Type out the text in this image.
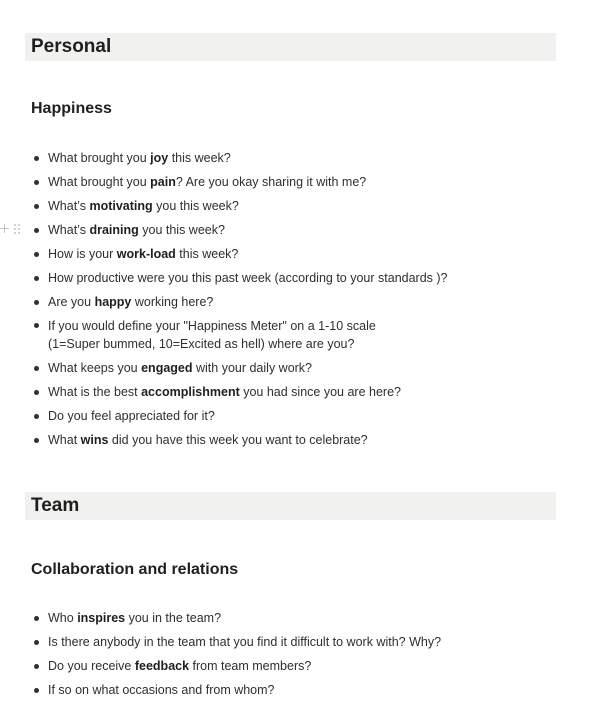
Personal
Happiness
What brought you joy this week?
What brought you pain? Are you okay sharing it with me?
What’s motivating you this week?
What’s draining you this week?
How is your work-load this week?
How productive were you this past week (according to your standards )?
Are you happy working here?
If you would define your "Happiness Meter" on a 1-10 scale
(1=Super bummed, 10=Excited as hell) where are you?
What keeps you engaged with your daily work?
What is the best accomplishment you had since you are here?
Do you feel appreciated for it?
What wins did you have this week you want to celebrate?
Team
Collaboration and relations
Who inspires you in the team?
Is there anybody in the team that you find it difficult to work with? Why?
Do you receive feedback from team members?
If so on what occasions and from whom?
